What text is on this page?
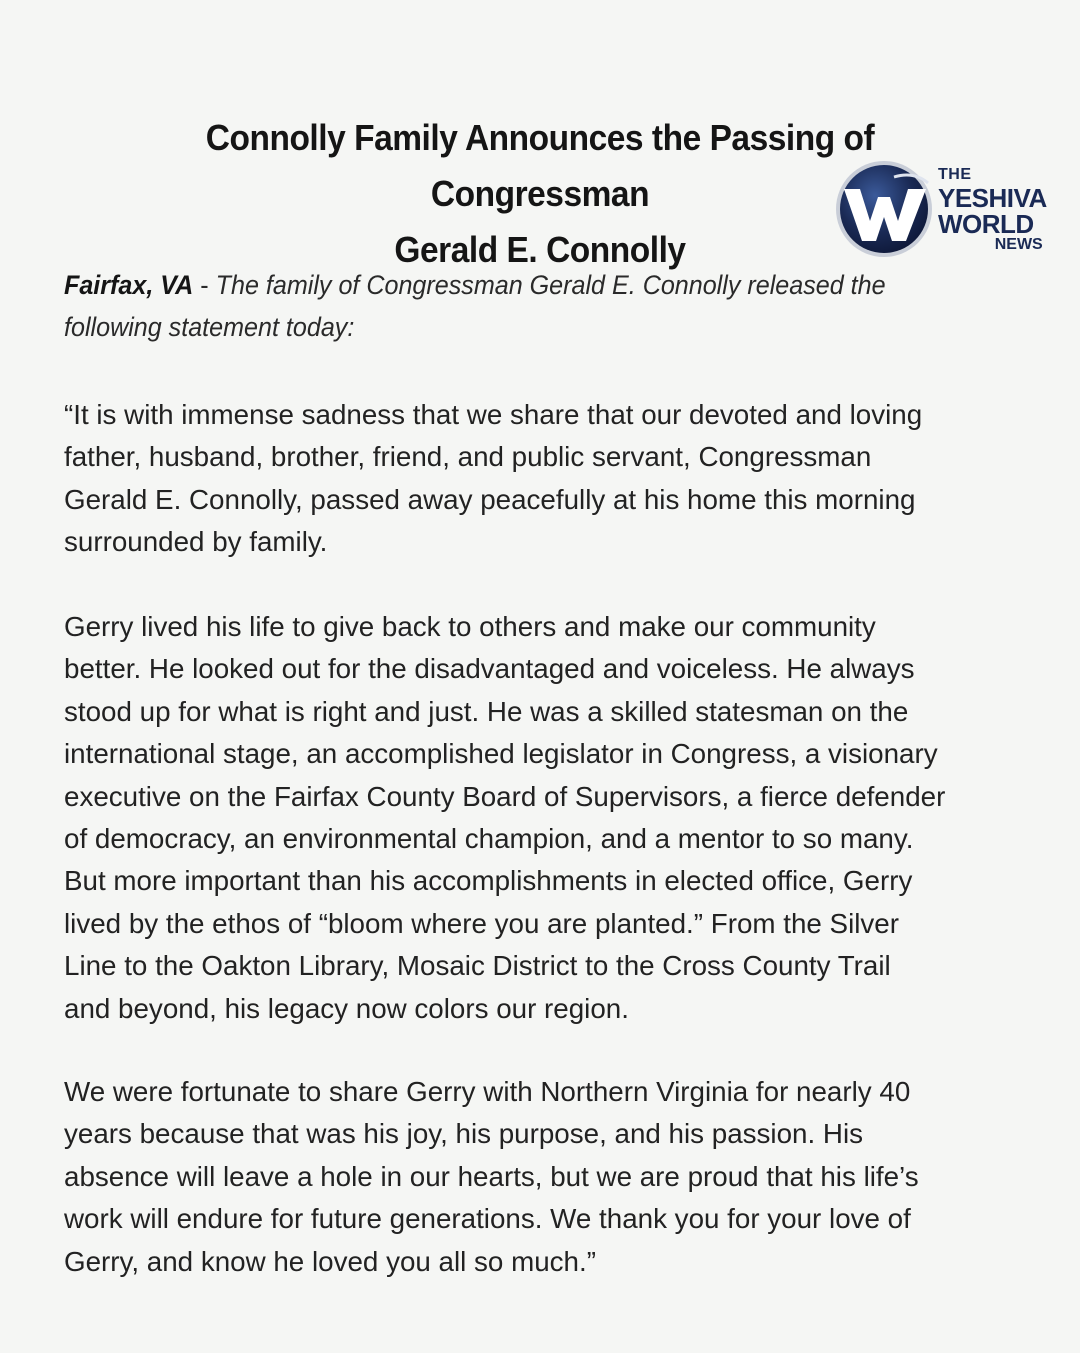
Connolly Family Announces the Passing of Congressman
Gerald E. Connolly
THE
YESHIVA
WORLD
NEWS
Fairfax, VA - The family of Congressman Gerald E. Connolly released the
following statement today:
“It is with immense sadness that we share that our devoted and loving
father, husband, brother, friend, and public servant, Congressman
Gerald E. Connolly, passed away peacefully at his home this morning
surrounded by family.
Gerry lived his life to give back to others and make our community
better. He looked out for the disadvantaged and voiceless. He always
stood up for what is right and just. He was a skilled statesman on the
international stage, an accomplished legislator in Congress, a visionary
executive on the Fairfax County Board of Supervisors, a fierce defender
of democracy, an environmental champion, and a mentor to so many.
But more important than his accomplishments in elected office, Gerry
lived by the ethos of “bloom where you are planted.” From the Silver
Line to the Oakton Library, Mosaic District to the Cross County Trail
and beyond, his legacy now colors our region.
We were fortunate to share Gerry with Northern Virginia for nearly 40
years because that was his joy, his purpose, and his passion. His
absence will leave a hole in our hearts, but we are proud that his life’s
work will endure for future generations. We thank you for your love of
Gerry, and know he loved you all so much.”
